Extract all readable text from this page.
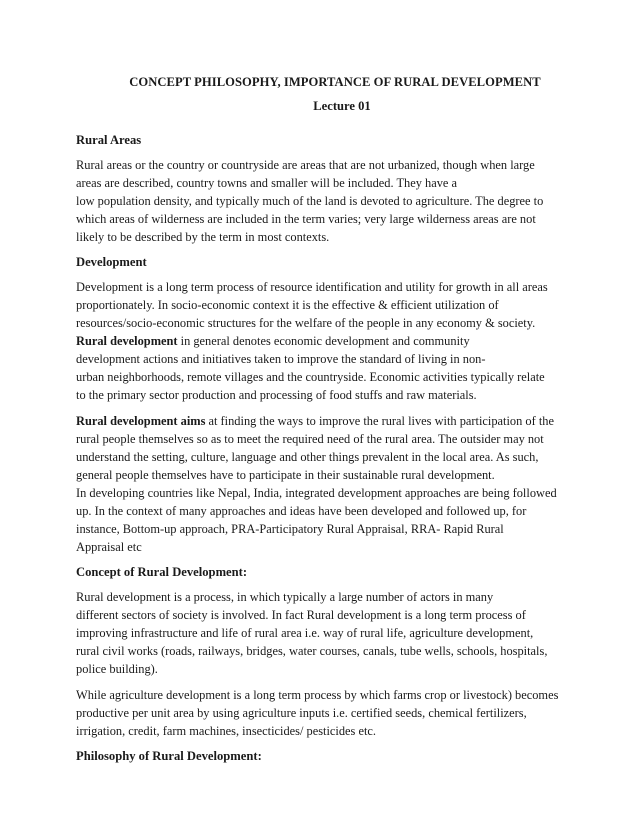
CONCEPT PHILOSOPHY, IMPORTANCE OF RURAL DEVELOPMENT

Lecture 01

Rural Areas

Rural areas or the country or countryside are areas that are not urbanized, though when large

areas are described, country towns and smaller will be included. They have a

low population density, and typically much of the land is devoted to agriculture. The degree to

which areas of wilderness are included in the term varies; very large wilderness areas are not

likely to be described by the term in most contexts.

Development

Development is a long term process of resource identification and utility for growth in all areas

proportionately. In socio-economic context it is the effective & efficient utilization of

resources/socio-economic structures for the welfare of the people in any economy & society.

Rural development in general denotes economic development and community

development actions and initiatives taken to improve the standard of living in non-

urban neighborhoods, remote villages and the countryside. Economic activities typically relate

to the primary sector production and processing of food stuffs and raw materials.

Rural development aims at finding the ways to improve the rural lives with participation of the

rural people themselves so as to meet the required need of the rural area. The outsider may not

understand the setting, culture, language and other things prevalent in the local area. As such,

general people themselves have to participate in their sustainable rural development.

In developing countries like Nepal, India, integrated development approaches are being followed

up. In the context of many approaches and ideas have been developed and followed up, for

instance, Bottom-up approach, PRA-Participatory Rural Appraisal, RRA- Rapid Rural

Appraisal etc

Concept of Rural Development:

Rural development is a process, in which typically a large number of actors in many

different sectors of society is involved. In fact Rural development is a long term process of

improving infrastructure and life of rural area i.e. way of rural life, agriculture development,

rural civil works (roads, railways, bridges, water courses, canals, tube wells, schools, hospitals,

police building).

While agriculture development is a long term process by which farms crop or livestock) becomes

productive per unit area by using agriculture inputs i.e. certified seeds, chemical fertilizers,

irrigation, credit, farm machines, insecticides/ pesticides etc.

Philosophy of Rural Development:
